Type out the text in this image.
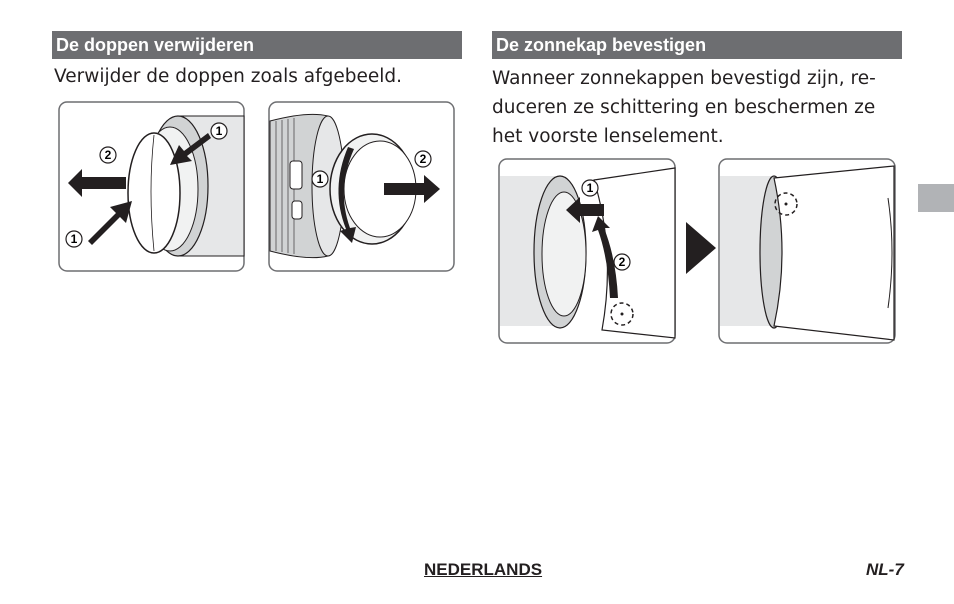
De doppen verwijderen
Verwijder de doppen zoals afgebeeld.
2
1
1
1
2
De zonnekap bevestigen
Wanneer zonnekappen bevestigd zijn, re-
duceren ze schittering en beschermen ze
het voorste lenselement.
1
2
NEDERLANDS	NL-7
